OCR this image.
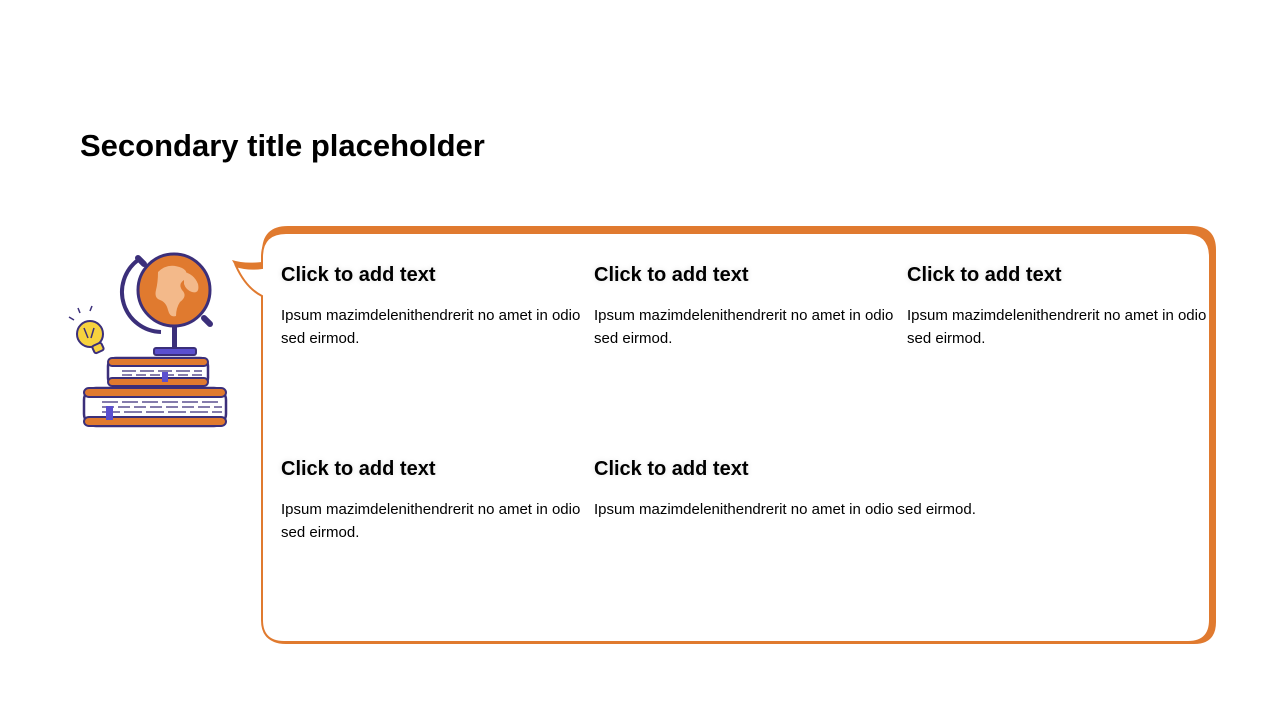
Secondary title placeholder
Click to add text
Ipsum mazimdelenithendrerit no amet in odio sed eirmod.
Click to add text
Ipsum mazimdelenithendrerit no amet in odio sed eirmod.
Click to add text
Ipsum mazimdelenithendrerit no amet in odio sed eirmod.
Click to add text
Ipsum mazimdelenithendrerit no amet in odio sed eirmod.
Click to add text
Ipsum mazimdelenithendrerit no amet in odio sed eirmod.
